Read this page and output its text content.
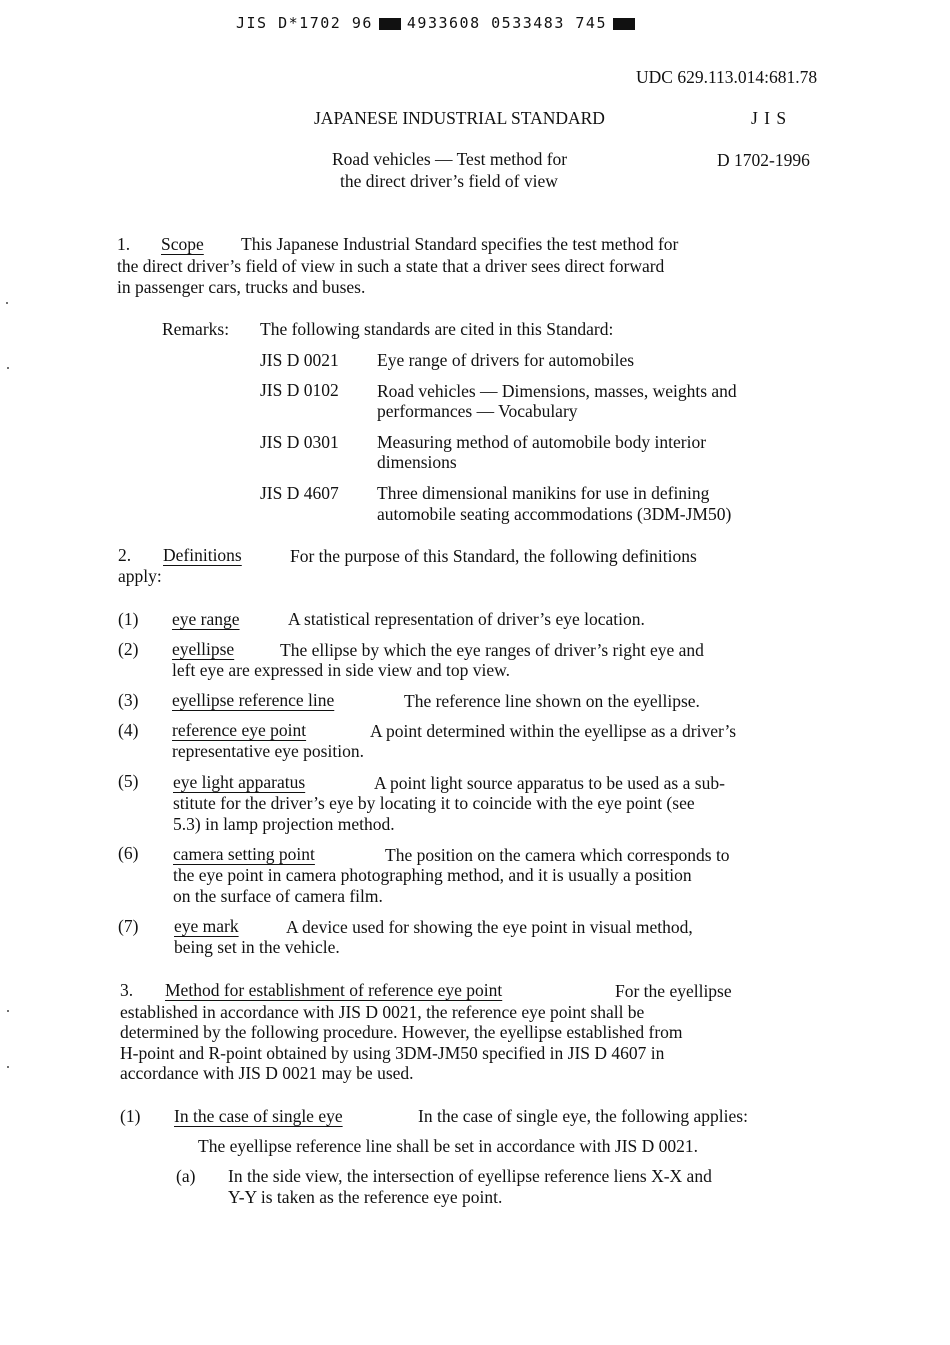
JIS D*1702 96 4933608 0533483 745
UDC 629.113.014:681.78
JAPANESE INDUSTRIAL STANDARD	J I S
Road vehicles — Test method for
the direct driver’s field of view
D 1702-1996
1. Scope This Japanese Industrial Standard specifies the test method for
the direct driver’s field of view in such a state that a driver sees direct forward
in passenger cars, trucks and buses.
Remarks: The following standards are cited in this Standard:
JIS D 0021 Eye range of drivers for automobiles
JIS D 0102 Road vehicles — Dimensions, masses, weights and
performances — Vocabulary
JIS D 0301 Measuring method of automobile body interior
dimensions
JIS D 4607 Three dimensional manikins for use in defining
automobile seating accommodations (3DM-JM50)
2. Definitions	For the purpose of this Standard, the following definitions
apply:
(1) eye range	A statistical representation of driver’s eye location.
(2) eyellipse	The ellipse by which the eye ranges of driver’s right eye and
left eye are expressed in side view and top view.
(3) eyellipse reference line	The reference line shown on the eyellipse.
(4) reference eye point	A point determined within the eyellipse as a driver’s
representative eye position.
(5) eye light apparatus	A point light source apparatus to be used as a sub-
stitute for the driver’s eye by locating it to coincide with the eye point (see
5.3) in lamp projection method.
(6) camera setting point	The position on the camera which corresponds to
the eye point in camera photographing method, and it is usually a position
on the surface of camera film.
(7) eye mark	A device used for showing the eye point in visual method,
being set in the vehicle.
3. Method for establishment of reference eye point	For the eyellipse
established in accordance with JIS D 0021, the reference eye point shall be
determined by the following procedure. However, the eyellipse established from
H-point and R-point obtained by using 3DM-JM50 specified in JIS D 4607 in
accordance with JIS D 0021 may be used.
(1) In the case of single eye	In the case of single eye, the following applies:
The eyellipse reference line shall be set in accordance with JIS D 0021.
(a) In the side view, the intersection of eyellipse reference liens X-X and
Y-Y is taken as the reference eye point.
